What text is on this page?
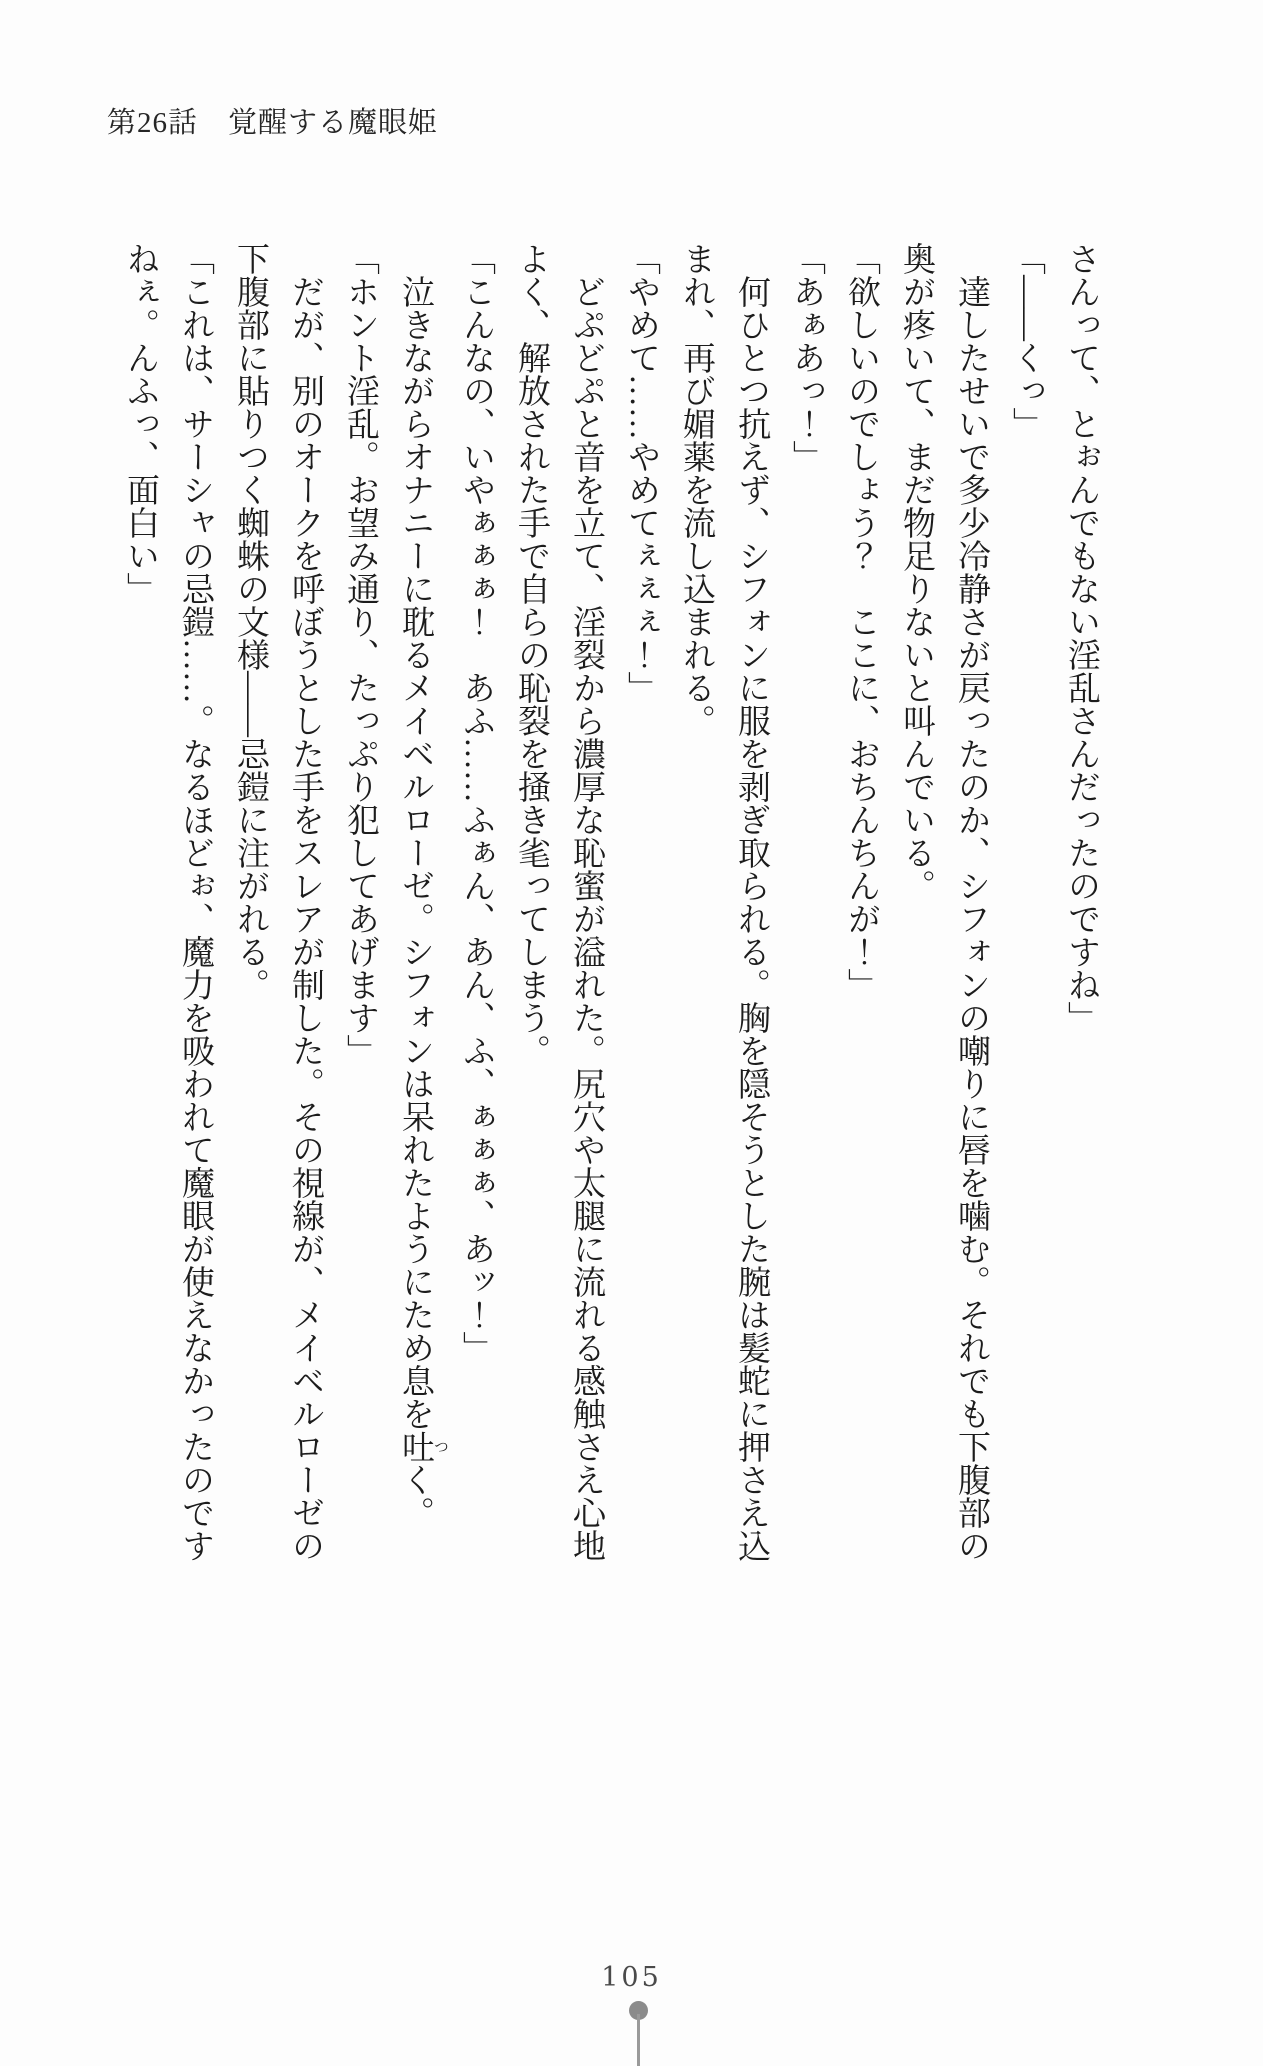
第26話　覚醒する魔眼姫

さんって、とぉんでもない淫乱さんだったのですね」

「――くっ」

達したせいで多少冷静さが戻ったのか、シフォンの嘲りに唇を噛む。それでも下腹部の奥が疼いて、まだ物足りないと叫んでいる。

「欲しいのでしょう？　ここに、おちんちんが！」

「あぁあっ！」

何ひとつ抗えず、シフォンに服を剥ぎ取られる。胸を隠そうとした腕は髪蛇に押さえ込まれ、再び媚薬を流し込まれる。

「やめて……やめてぇぇぇ！」

どぷどぷと音を立て、淫裂から濃厚な恥蜜が溢れた。尻穴や太腿に流れる感触さえ心地よく、解放された手で自らの恥裂を掻き毟ってしまう。

「こんなの、いやぁぁぁ！　あふ……ふぁん、あん、ふ、ぁぁぁ、あッ！」

泣きながらオナニーに耽るメイベルローゼ。シフォンは呆れたようにため息を吐 つく。

「ホント淫乱。お望み通り、たっぷり犯してあげます」

だが、別のオークを呼ぼうとした手をスレアが制した。その視線が、メイベルローゼの下腹部に貼りつく蜘蛛の文様――忌鎧に注がれる。

「これは、サーシャの忌鎧……。なるほどぉ、魔力を吸われて魔眼が使えなかったのですねぇ。んふっ、面白い」

105
